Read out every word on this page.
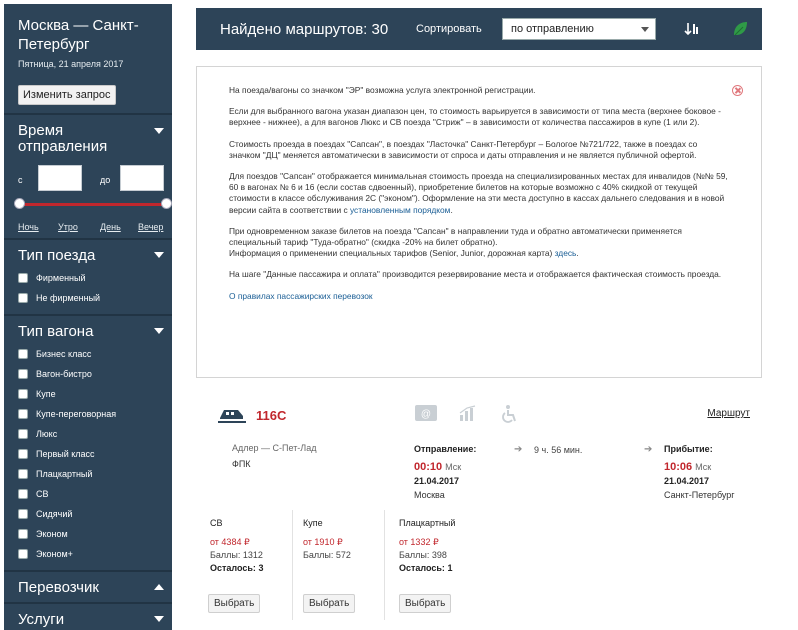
Москва — Санкт-Петербург
Пятница, 21 апреля 2017
Изменить запрос
Время отправления
с	до
Ночь Утро День Вечер
Тип поезда
Фирменный
Не фирменный
Тип вагона
Бизнес класс
Вагон-бистро
Купе
Купе-переговорная
Люкс
Первый класс
Плацкартный
СВ
Сидячий
Эконом
Эконом+
Перевозчик
Услуги
Найдено маршрутов: 30	Сортировать	по отправлению

На поезда/вагоны со значком "ЭР" возможна услуга электронной регистрации.

Если для выбранного вагона указан диапазон цен, то стоимость варьируется в зависимости от типа места (верхнее боковое - верхнее - нижнее), а для вагонов Люкс и СВ поезда "Стриж" – в зависимости от количества пассажиров в купе (1 или 2).

Стоимость проезда в поездах "Сапсан", в поездах "Ласточка" Санкт-Петербург – Бологое №721/722, также в поездах со значком "ДЦ" меняется автоматически в зависимости от спроса и даты отправления и не является публичной офертой.

Для поездов "Сапсан" отображается минимальная стоимость проезда на специализированных местах для инвалидов (№№ 59, 60 в вагонах № 6 и 16 (если состав сдвоенный), приобретение билетов на которые возможно с 40% скидкой от текущей стоимости в классе обслуживания 2С ("эконом"). Оформление на эти места доступно в кассах дальнего следования и в новой версии сайта в соответствии с установленным порядком.

При одновременном заказе билетов на поезда "Сапсан" в направлении туда и обратно автоматически применяется специальный тариф "Туда-обратно" (скидка -20% на билет обратно).
Информация о применении специальных тарифов (Senior, Junior, дорожная карта) здесь.

На шаге "Данные пассажира и оплата" производится резервирование места и отображается фактическая стоимость проезда.

О правилах пассажирских перевозок

116С	@	Маршрут
Адлер — С-Пет-Лад
ФПК
Отправление:	➔ 9 ч. 56 мин.	➔ Прибытие:
00:10 Мск
21.04.2017
Москва
10:06 Мск
21.04.2017
Санкт-Петербург
СВ
от 4384 ₽
Баллы: 1312
Осталось: 3
Выбрать
Купе
от 1910 ₽
Баллы: 572
Выбрать
Плацкартный
от 1332 ₽
Баллы: 398
Осталось: 1
Выбрать
